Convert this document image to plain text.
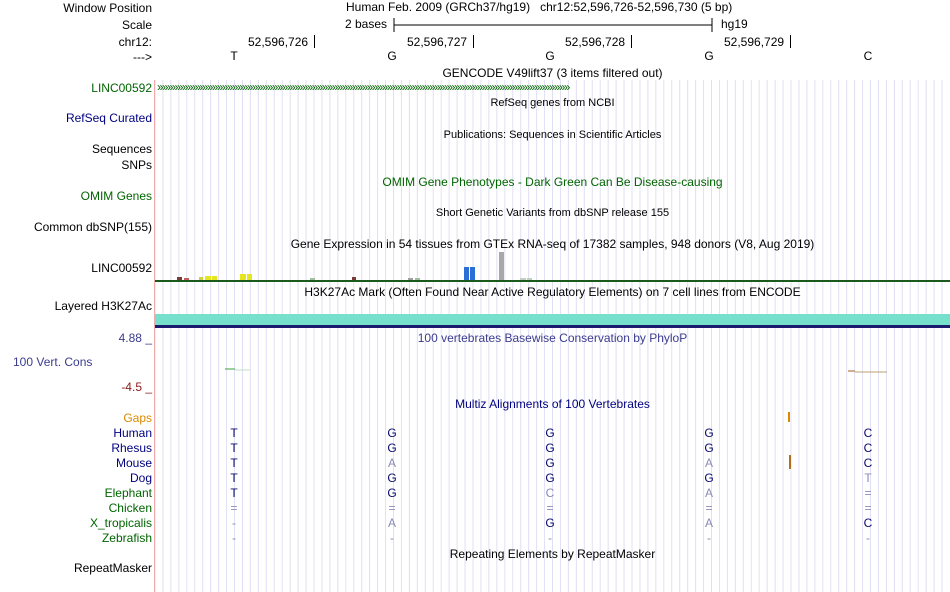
Window Position
Scale
chr12:
--->
Human Feb. 2009 (GRCh37/hg19) chr12:52,596,726-52,596,730 (5 bp)
2 bases	hg19
52,596,726	52,596,727	52,596,728	52,596,729
T	G	G	G	C
GENCODE V49lift37 (3 items filtered out)
LINC00592 ›››››››››››››››››››››››››››››››››››››››››››››››››››››››››››››››››››››››››››››››››››››››››››››››››››››››››››››››››››››››››››››››››››››››››››››››››››››››››››››››››››››
RefSeq genes from NCBI
RefSeq Curated
Publications: Sequences in Scientific Articles
Sequences
SNPs
OMIM Gene Phenotypes - Dark Green Can Be Disease-causing
OMIM Genes
Short Genetic Variants from dbSNP release 155
Common dbSNP(155)
Gene Expression in 54 tissues from GTEx RNA-seq of 17382 samples, 948 donors (V8, Aug 2019)
LINC00592
H3K27Ac Mark (Often Found Near Active Regulatory Elements) on 7 cell lines from ENCODE
Layered H3K27Ac
100 vertebrates Basewise Conservation by PhyloP
4.88 _
100 Vert. Cons
-4.5 _
Multiz Alignments of 100 Vertebrates
Gaps
Human	T	G	G	G	C
Rhesus	T	G	G	G	C
Mouse	T	A	G	A	C
Dog	T	G	G	G	T
Elephant	T	G	C	A	=
Chicken	=	=	=	=	=
X_tropicalis	-	A	G	A	C
Zebrafish	-	-	-	-	-
Repeating Elements by RepeatMasker
RepeatMasker
